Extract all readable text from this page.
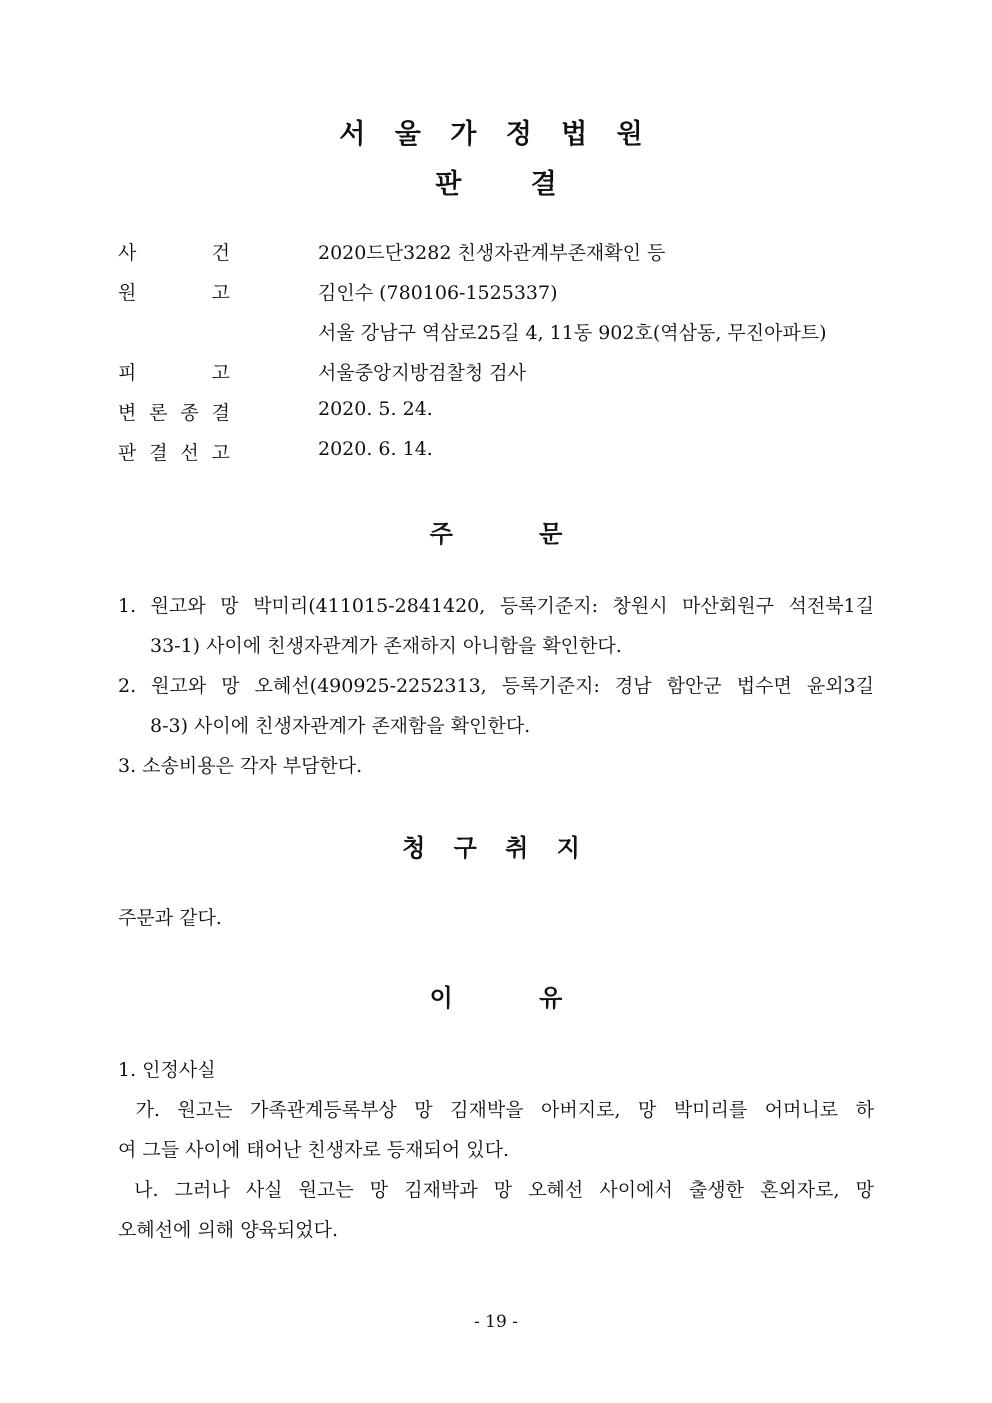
서 울 가 정 법 원
판 결
사	건	2020드단3282 친생자관계부존재확인 등
원	고	김인수 (780106-1525337)
서울 강남구 역삼로25길 4, 11동 902호(역삼동, 무진아파트)
피	고	서울중앙지방검찰청 검사
변 론 종 결	2020. 5. 24.
판 결 선 고	2020. 6. 14.
주 문
1. 원고와 망 박미리(411015-2841420, 등록기준지: 창원시 마산회원구 석전북1길
33-1) 사이에 친생자관계가 존재하지 아니함을 확인한다.
2. 원고와 망 오혜선(490925-2252313, 등록기준지: 경남 함안군 법수면 윤외3길
8-3) 사이에 친생자관계가 존재함을 확인한다.
3. 소송비용은 각자 부담한다.
청 구 취 지
주문과 같다.
이 유
1. 인정사실
가. 원고는 가족관계등록부상 망 김재박을 아버지로, 망 박미리를 어머니로 하
여 그들 사이에 태어난 친생자로 등재되어 있다.
나. 그러나 사실 원고는 망 김재박과 망 오혜선 사이에서 출생한 혼외자로, 망
오혜선에 의해 양육되었다.
- 19 -
